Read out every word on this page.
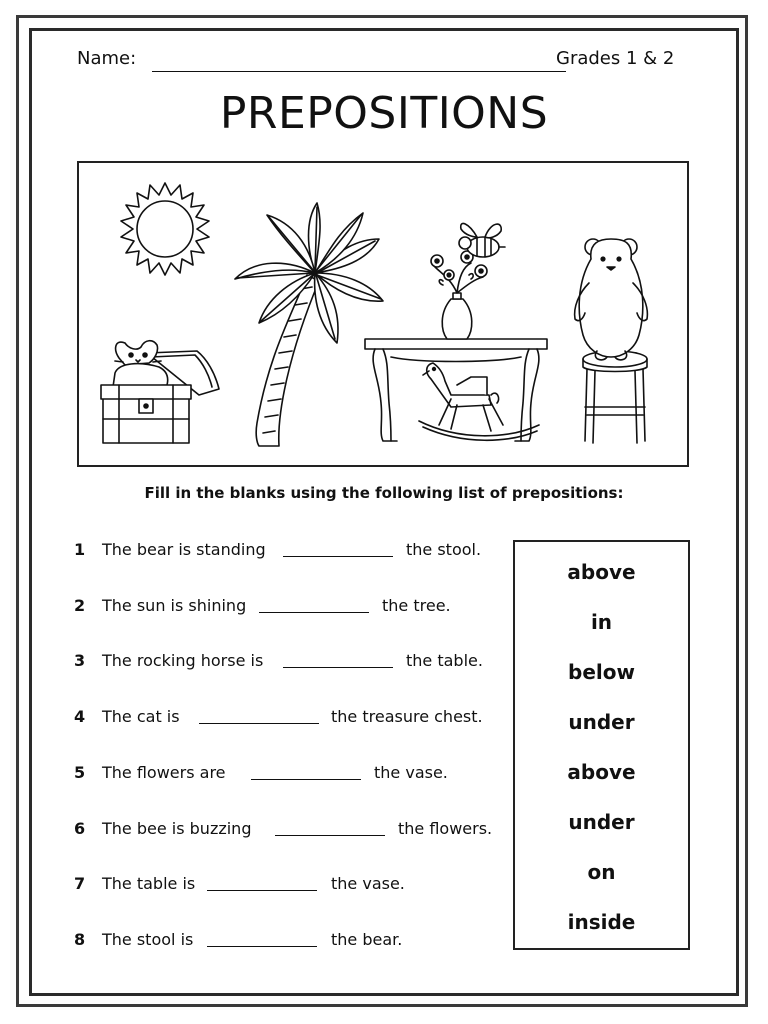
Name:	Grades 1 & 2
PREPOSITIONS
Fill in the blanks using the following list of prepositions:
1 The bear is standing	the stool.
2 The sun is shining	the tree.
3 The rocking horse is	the table.
4 The cat is	the treasure chest.
5 The flowers are	the vase.
6 The bee is buzzing	the flowers.
7 The table is	the vase.
8 The stool is	the bear.
above
in
below
under
above
under
on
inside
